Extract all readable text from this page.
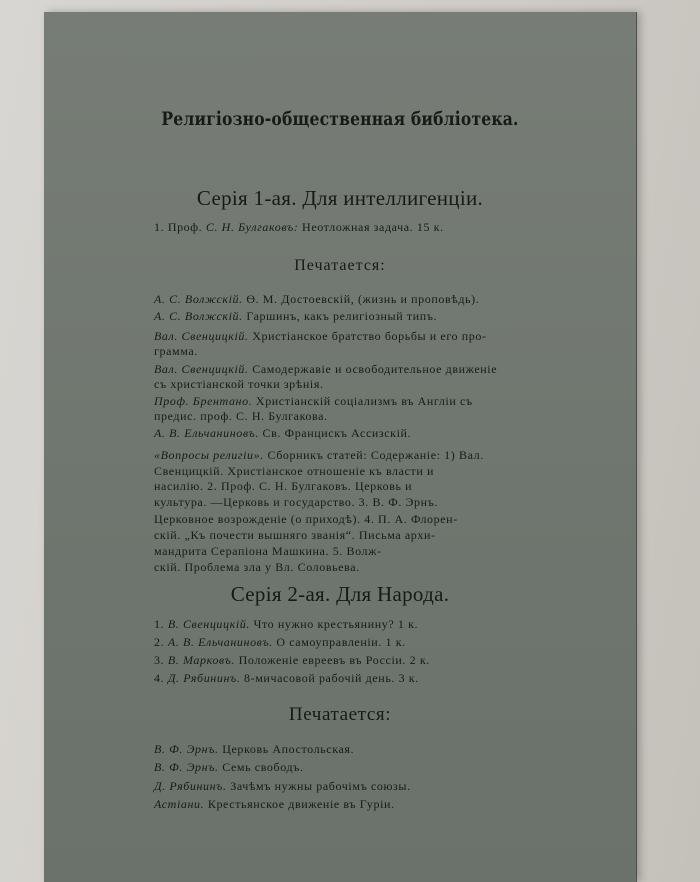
Религiозно-общественная библiотека.
Серiя 1-ая. Для интеллигенцiи.
1. Проф. С. Н. Булгаковъ: Неотложная задача. 15 к.
Печатается:
А. С. Волжскiй. Ө. М. Достоевскiй, (жизнь и проповѣдь).
А. С. Волжскiй. Гаршинъ, какъ религiозный типъ.
Вал. Свенцицкiй. Христiанское братство борьбы и его про-
грамма.
Вал. Свенцицкiй. Самодержавiе и освободительное движенiе
съ христiанской точки зрѣнiя.
Проф. Брентано. Христiанскiй соцiализмъ въ Англiи съ
предис. проф. С. Н. Булгакова.
А. В. Ельчаниновъ. Св. Францискъ Ассизскiй.
«Вопросы религiи». Сборникъ статей: Содержанiе: 1) Вал.
Свенцицкiй. Христiанское отношенiе къ власти и
насилiю. 2. Проф. С. Н. Булгаковъ. Церковь и
культура. —Церковь и государство. 3. В. Ф. Эрнъ.
Церковное возрожденiе (о приходѣ). 4. П. А. Флорен-
скiй. „Къ почести вышняго званiя“. Письма архи-
мандрита Серапiона Машкина. 5. Волж-
скiй. Проблема зла у Вл. Соловьева.
Серiя 2-ая. Для Народа.
1. В. Свенцицкiй. Что нужно крестьянину? 1 к.
2. А. В. Ельчаниновъ. О самоуправленiи. 1 к.
3. В. Марковъ. Положенiе евреевъ въ Россiи. 2 к.
4. Д. Рябининъ. 8-мичасовой рабочiй день. 3 к.
Печатается:
В. Ф. Эрнъ. Церковь Апостольская.
В. Ф. Эрнъ. Семь свободъ.
Д. Рябининъ. Зачѣмъ нужны рабочiмъ союзы.
Астiани. Крестьянское движенiе въ Гурiи.
